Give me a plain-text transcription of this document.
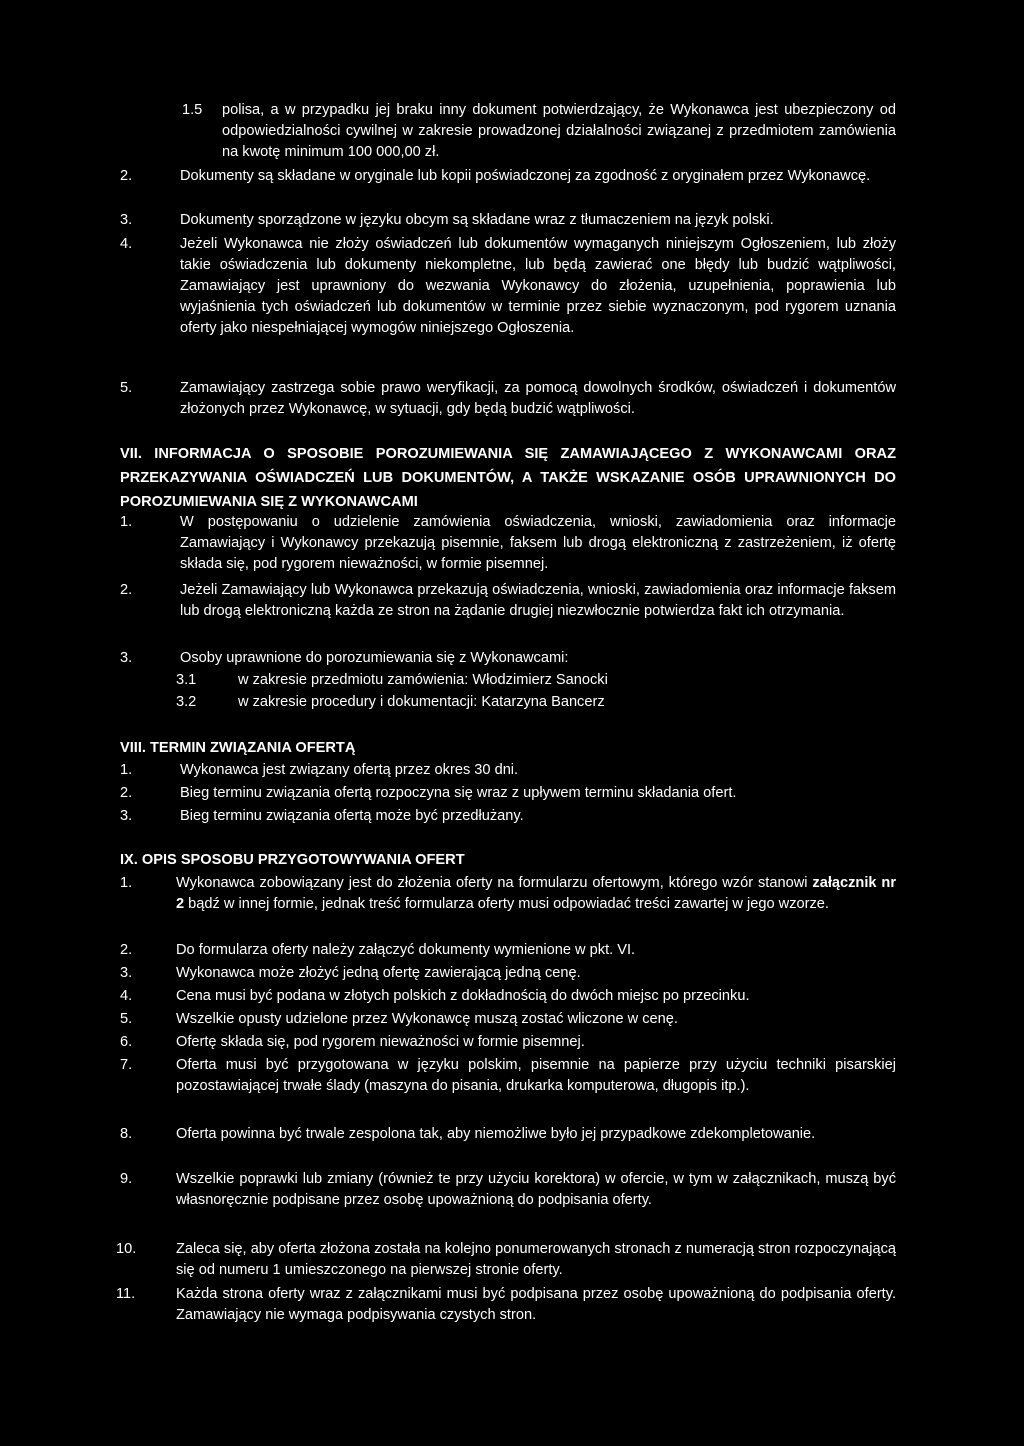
1.5 polisa, a w przypadku jej braku inny dokument potwierdzający, że Wykonawca jest ubezpieczony od odpowiedzialności cywilnej w zakresie prowadzonej działalności związanej z przedmiotem zamówienia na kwotę minimum 100 000,00 zł.
2.	Dokumenty są składane w oryginale lub kopii poświadczonej za zgodność z oryginałem przez Wykonawcę.
3.	Dokumenty sporządzone w języku obcym są składane wraz z tłumaczeniem na język polski.
4.	Jeżeli Wykonawca nie złoży oświadczeń lub dokumentów wymaganych niniejszym Ogłoszeniem, lub złoży takie oświadczenia lub dokumenty niekompletne, lub będą zawierać one błędy lub budzić wątpliwości, Zamawiający jest uprawniony do wezwania Wykonawcy do złożenia, uzupełnienia, poprawienia lub wyjaśnienia tych oświadczeń lub dokumentów w terminie przez siebie wyznaczonym, pod rygorem uznania oferty jako niespełniającej wymogów niniejszego Ogłoszenia.
5.	Zamawiający zastrzega sobie prawo weryfikacji, za pomocą dowolnych środków, oświadczeń i dokumentów złożonych przez Wykonawcę, w sytuacji, gdy będą budzić wątpliwości.
VII. INFORMACJA O SPOSOBIE POROZUMIEWANIA SIĘ ZAMAWIAJĄCEGO Z WYKONAWCAMI ORAZ PRZEKAZYWANIA OŚWIADCZEŃ LUB DOKUMENTÓW, A TAKŻE WSKAZANIE OSÓB UPRAWNIONYCH DO POROZUMIEWANIA SIĘ Z WYKONAWCAMI
1.	W postępowaniu o udzielenie zamówienia oświadczenia, wnioski, zawiadomienia oraz informacje Zamawiający i Wykonawcy przekazują pisemnie, faksem lub drogą elektroniczną z zastrzeżeniem, iż ofertę składa się, pod rygorem nieważności, w formie pisemnej.
2.	Jeżeli Zamawiający lub Wykonawca przekazują oświadczenia, wnioski, zawiadomienia oraz informacje faksem lub drogą elektroniczną każda ze stron na żądanie drugiej niezwłocznie potwierdza fakt ich otrzymania.
3.	Osoby uprawnione do porozumiewania się z Wykonawcami:
3.1	w zakresie przedmiotu zamówienia: Włodzimierz Sanocki
3.2	w zakresie procedury i dokumentacji: Katarzyna Bancerz
VIII. TERMIN ZWIĄZANIA OFERTĄ
1.	Wykonawca jest związany ofertą przez okres 30 dni.
2.	Bieg terminu związania ofertą rozpoczyna się wraz z upływem terminu składania ofert.
3.	Bieg terminu związania ofertą może być przedłużany.
IX. OPIS SPOSOBU PRZYGOTOWYWANIA OFERT
1.	Wykonawca zobowiązany jest do złożenia oferty na formularzu ofertowym, którego wzór stanowi załącznik nr 2 bądź w innej formie, jednak treść formularza oferty musi odpowiadać treści zawartej w jego wzorze.
2.	Do formularza oferty należy załączyć dokumenty wymienione w pkt. VI.
3.	Wykonawca może złożyć jedną ofertę zawierającą jedną cenę.
4.	Cena musi być podana w złotych polskich z dokładnością do dwóch miejsc po przecinku.
5.	Wszelkie opusty udzielone przez Wykonawcę muszą zostać wliczone w cenę.
6.	Ofertę składa się, pod rygorem nieważności w formie pisemnej.
7.	Oferta musi być przygotowana w języku polskim, pisemnie na papierze przy użyciu techniki pisarskiej pozostawiającej trwałe ślady (maszyna do pisania, drukarka komputerowa, długopis itp.).
8.	Oferta powinna być trwale zespolona tak, aby niemożliwe było jej przypadkowe zdekompletowanie.
9.	Wszelkie poprawki lub zmiany (również te przy użyciu korektora) w ofercie, w tym w załącznikach, muszą być własnoręcznie podpisane przez osobę upoważnioną do podpisania oferty.
10.	Zaleca się, aby oferta złożona została na kolejno ponumerowanych stronach z numeracją stron rozpoczynającą się od numeru 1 umieszczonego na pierwszej stronie oferty.
11.	Każda strona oferty wraz z załącznikami musi być podpisana przez osobę upoważnioną do podpisania oferty. Zamawiający nie wymaga podpisywania czystych stron.
